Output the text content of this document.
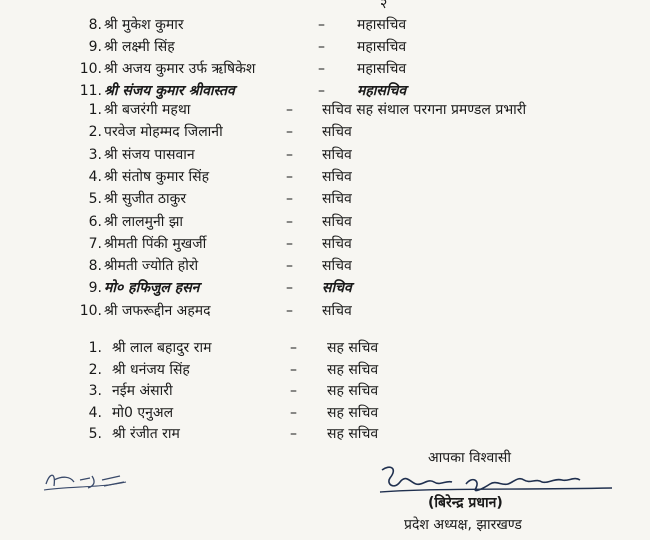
२
8. श्री मुकेश कुमार	– महासचिव
9. श्री लक्ष्मी सिंह	– महासचिव
10. श्री अजय कुमार उर्फ ऋषिकेश	– महासचिव
11. श्री संजय कुमार श्रीवास्तव	– महासचिव
1. श्री बजरंगी महथा	– सचिव सह संथाल परगना प्रमण्डल प्रभारी
2. परवेज मोहम्मद जिलानी	– सचिव
3. श्री संजय पासवान	– सचिव
4. श्री संतोष कुमार सिंह	– सचिव
5. श्री सुजीत ठाकुर	– सचिव
6. श्री लालमुनी झा	– सचिव
7. श्रीमती पिंकी मुखर्जी	– सचिव
8. श्रीमती ज्योति होरो	– सचिव
9. मो० हफिजुल हसन	– सचिव
10. श्री जफरूद्दीन अहमद	– सचिव
1. श्री लाल बहादुर राम	– सह सचिव
2. श्री धनंजय सिंह	– सह सचिव
3. नईम अंसारी	– सह सचिव
4. मो0 एनुअल	– सह सचिव
5. श्री रंजीत राम	– सह सचिव
आपका विश्वासी
(बिरेन्द्र प्रधान)
प्रदेश अध्यक्ष, झारखण्ड
